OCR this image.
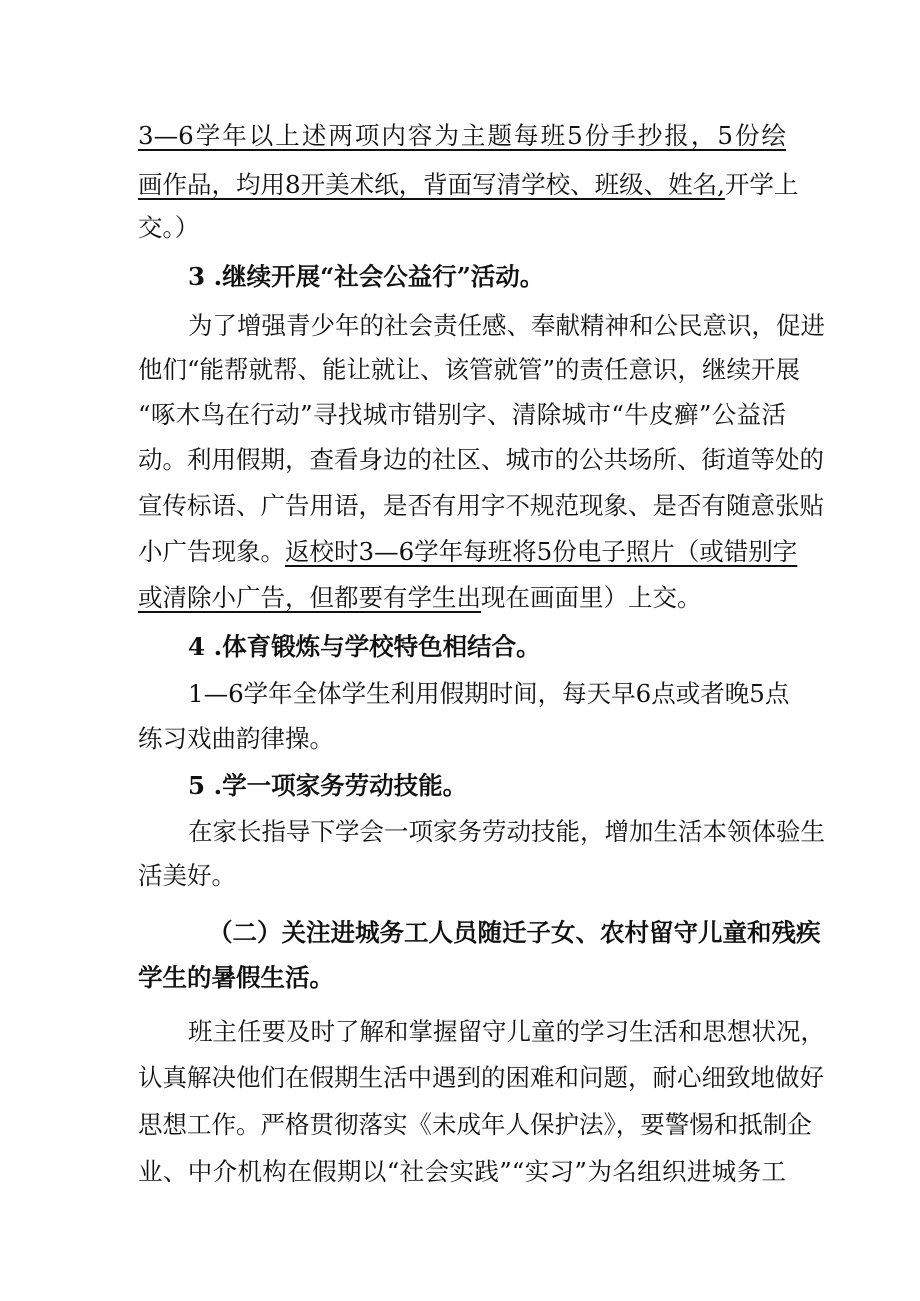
3—6学年以上述两项内容为主题每班5份手抄报，5份绘
画作品，均用8开美术纸，背面写清学校、班级、姓名,开学上
交。）
3 .继续开展“社会公益行”活动。
为了增强青少年的社会责任感、奉献精神和公民意识，促进
他们“能帮就帮、能让就让、该管就管”的责任意识，继续开展
“啄木鸟在行动”寻找城市错别字、清除城市“牛皮癣”公益活
动。利用假期，查看身边的社区、城市的公共场所、街道等处的
宣传标语、广告用语，是否有用字不规范现象、是否有随意张贴
小广告现象。返校时3—6学年每班将5份电子照片（或错别字
或清除小广告，但都要有学生出现在画面里）上交。
4 .体育锻炼与学校特色相结合。
1—6学年全体学生利用假期时间，每天早6点或者晚5点
练习戏曲韵律操。
5 .学一项家务劳动技能。
在家长指导下学会一项家务劳动技能，增加生活本领体验生
活美好。
（二）关注进城务工人员随迁子女、农村留守儿童和残疾
学生的暑假生活。
班主任要及时了解和掌握留守儿童的学习生活和思想状况，
认真解决他们在假期生活中遇到的困难和问题，耐心细致地做好
思想工作。严格贯彻落实《未成年人保护法》，要警惕和抵制企
业、中介机构在假期以“社会实践”“实习”为名组织进城务工
